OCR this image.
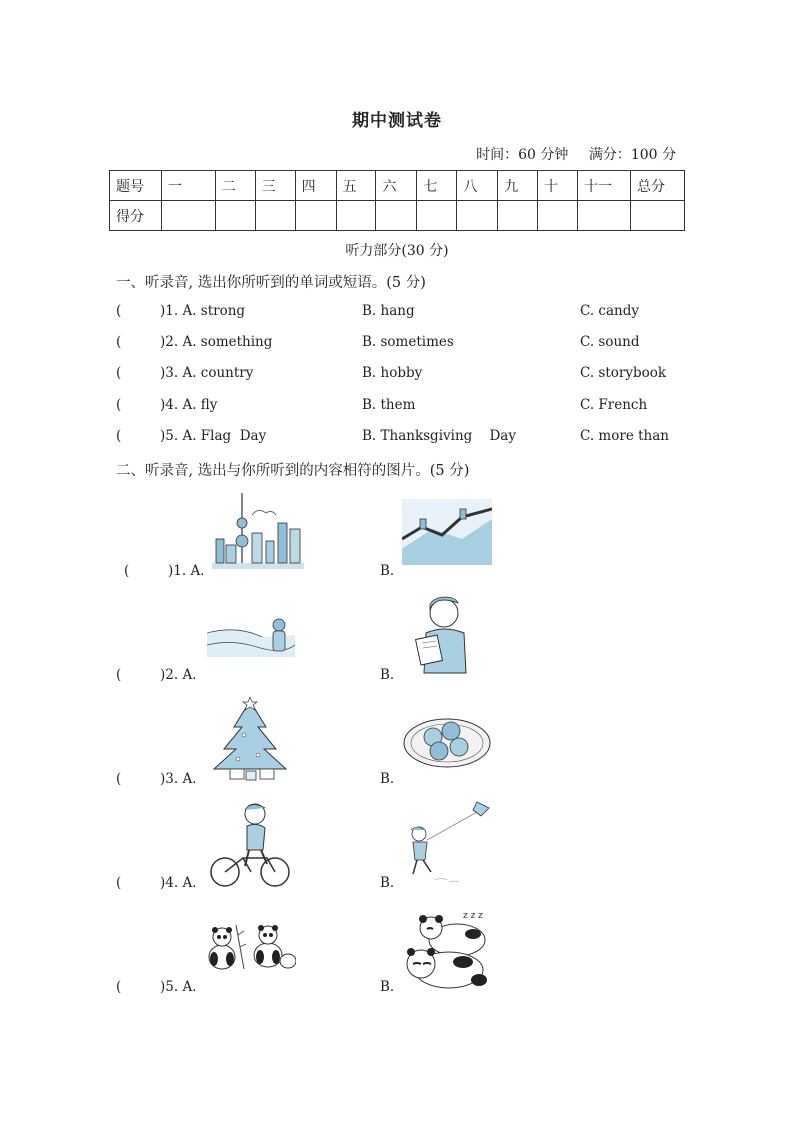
期中测试卷
时间：60 分钟 满分：100 分
题号	一	二	三	四	五	六	七	八	九	十	十一	总分
得分												
听力部分(30 分)
一、听录音, 选出你所听到的单词或短语。(5 分)
(	)1. A. strong	B. hang	C. candy
(	)2. A. something	B. sometimes	C. sound
(	)3. A. country	B. hobby	C. storybook
(	)4. A. fly	B. them	C. French
(	)5. A. Flag  Day	B. Thanksgiving    Day	C. more than
二、听录音, 选出与你所听到的内容相符的图片。(5 分)
(	)1. A.	B.
(	)2. A.	B.
(	)3. A.	B.
(	)4. A.	B.
(	)5. A.	B.
z z z
